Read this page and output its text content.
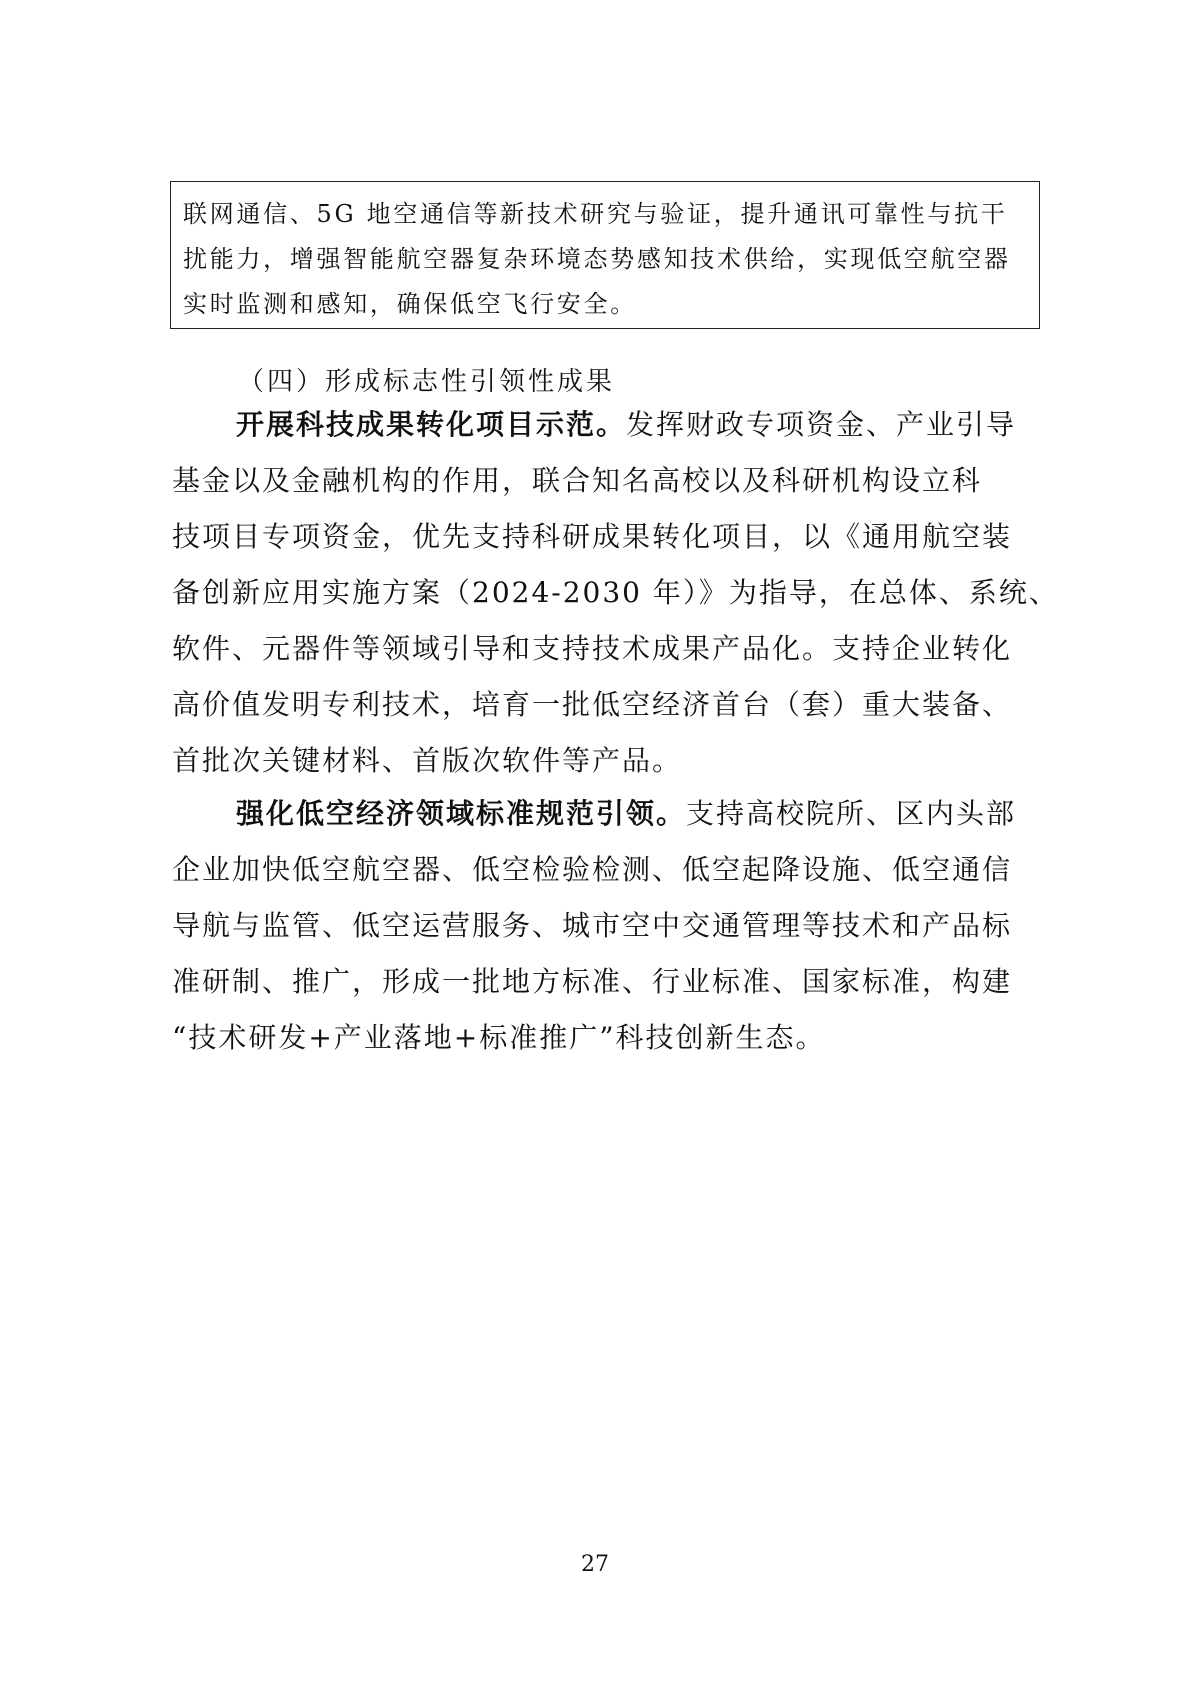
联网通信、5G 地空通信等新技术研究与验证，提升通讯可靠性与抗干
扰能力，增强智能航空器复杂环境态势感知技术供给，实现低空航空器
实时监测和感知，确保低空飞行安全。
（四）形成标志性引领性成果
开展科技成果转化项目示范。发挥财政专项资金、产业引导
基金以及金融机构的作用，联合知名高校以及科研机构设立科
技项目专项资金，优先支持科研成果转化项目，以《通用航空装
备创新应用实施方案（2024-2030 年）》为指导，在总体、系统、
软件、元器件等领域引导和支持技术成果产品化。支持企业转化
高价值发明专利技术，培育一批低空经济首台（套）重大装备、
首批次关键材料、首版次软件等产品。
强化低空经济领域标准规范引领。支持高校院所、区内头部
企业加快低空航空器、低空检验检测、低空起降设施、低空通信
导航与监管、低空运营服务、城市空中交通管理等技术和产品标
准研制、推广，形成一批地方标准、行业标准、国家标准，构建
“技术研发+产业落地+标准推广”科技创新生态。
27
